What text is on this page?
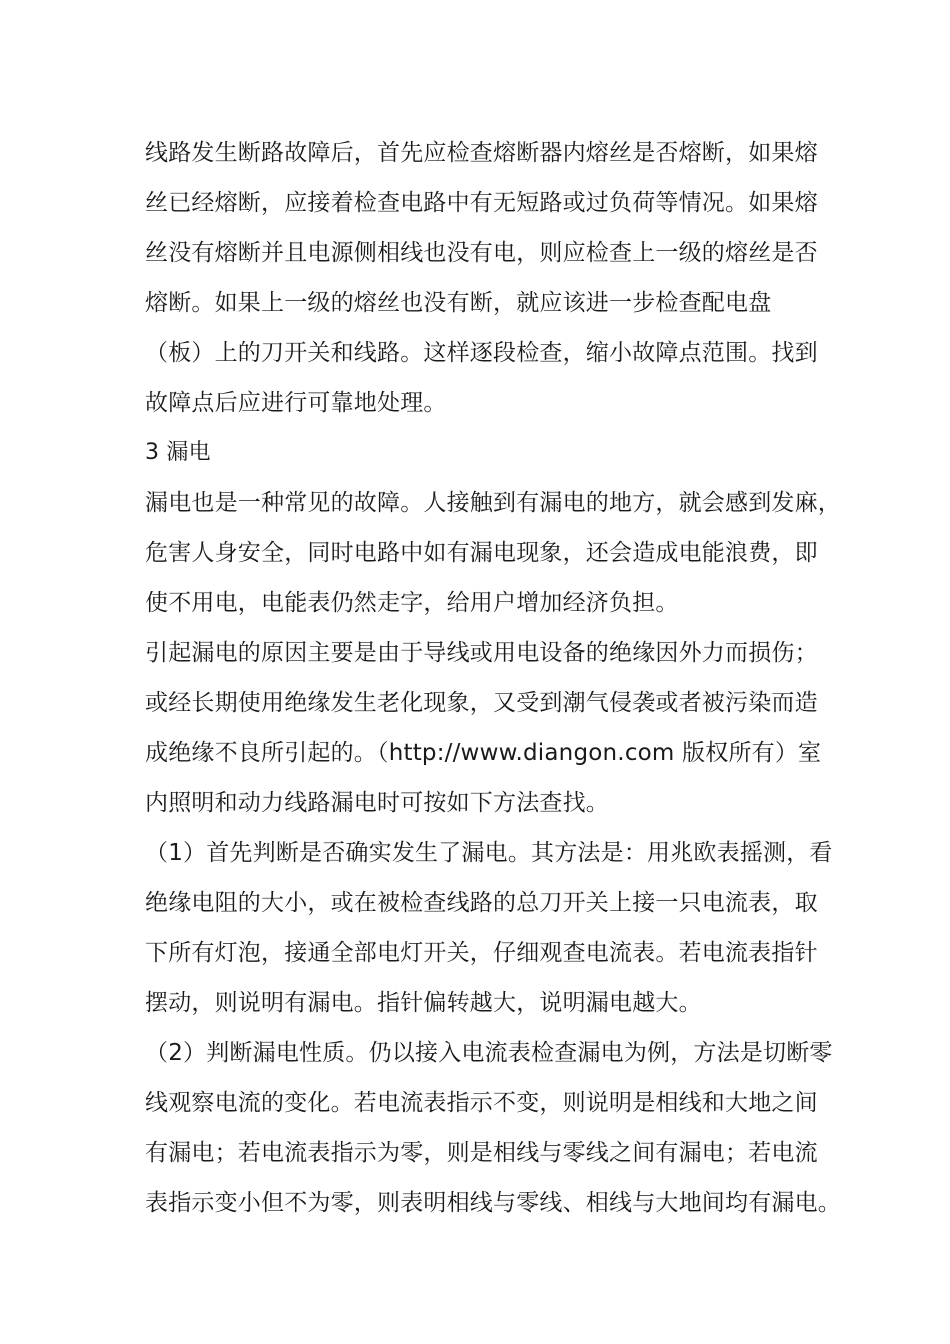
线路发生断路故障后，首先应检查熔断器内熔丝是否熔断，如果熔
丝已经熔断，应接着检查电路中有无短路或过负荷等情况。如果熔
丝没有熔断并且电源侧相线也没有电，则应检查上一级的熔丝是否
熔断。如果上一级的熔丝也没有断，就应该进一步检查配电盘
（板）上的刀开关和线路。这样逐段检查，缩小故障点范围。找到
故障点后应进行可靠地处理。
3 漏电
漏电也是一种常见的故障。人接触到有漏电的地方，就会感到发麻，
危害人身安全，同时电路中如有漏电现象，还会造成电能浪费，即
使不用电，电能表仍然走字，给用户增加经济负担。
引起漏电的原因主要是由于导线或用电设备的绝缘因外力而损伤；
或经长期使用绝缘发生老化现象，又受到潮气侵袭或者被污染而造
成绝缘不良所引起的。（http://www.diangon.com 版权所有）室
内照明和动力线路漏电时可按如下方法查找。
（1）首先判断是否确实发生了漏电。其方法是：用兆欧表摇测，看
绝缘电阻的大小，或在被检查线路的总刀开关上接一只电流表，取
下所有灯泡，接通全部电灯开关，仔细观查电流表。若电流表指针
摆动，则说明有漏电。指针偏转越大，说明漏电越大。
（2）判断漏电性质。仍以接入电流表检查漏电为例，方法是切断零
线观察电流的变化。若电流表指示不变，则说明是相线和大地之间
有漏电；若电流表指示为零，则是相线与零线之间有漏电；若电流
表指示变小但不为零，则表明相线与零线、相线与大地间均有漏电。
